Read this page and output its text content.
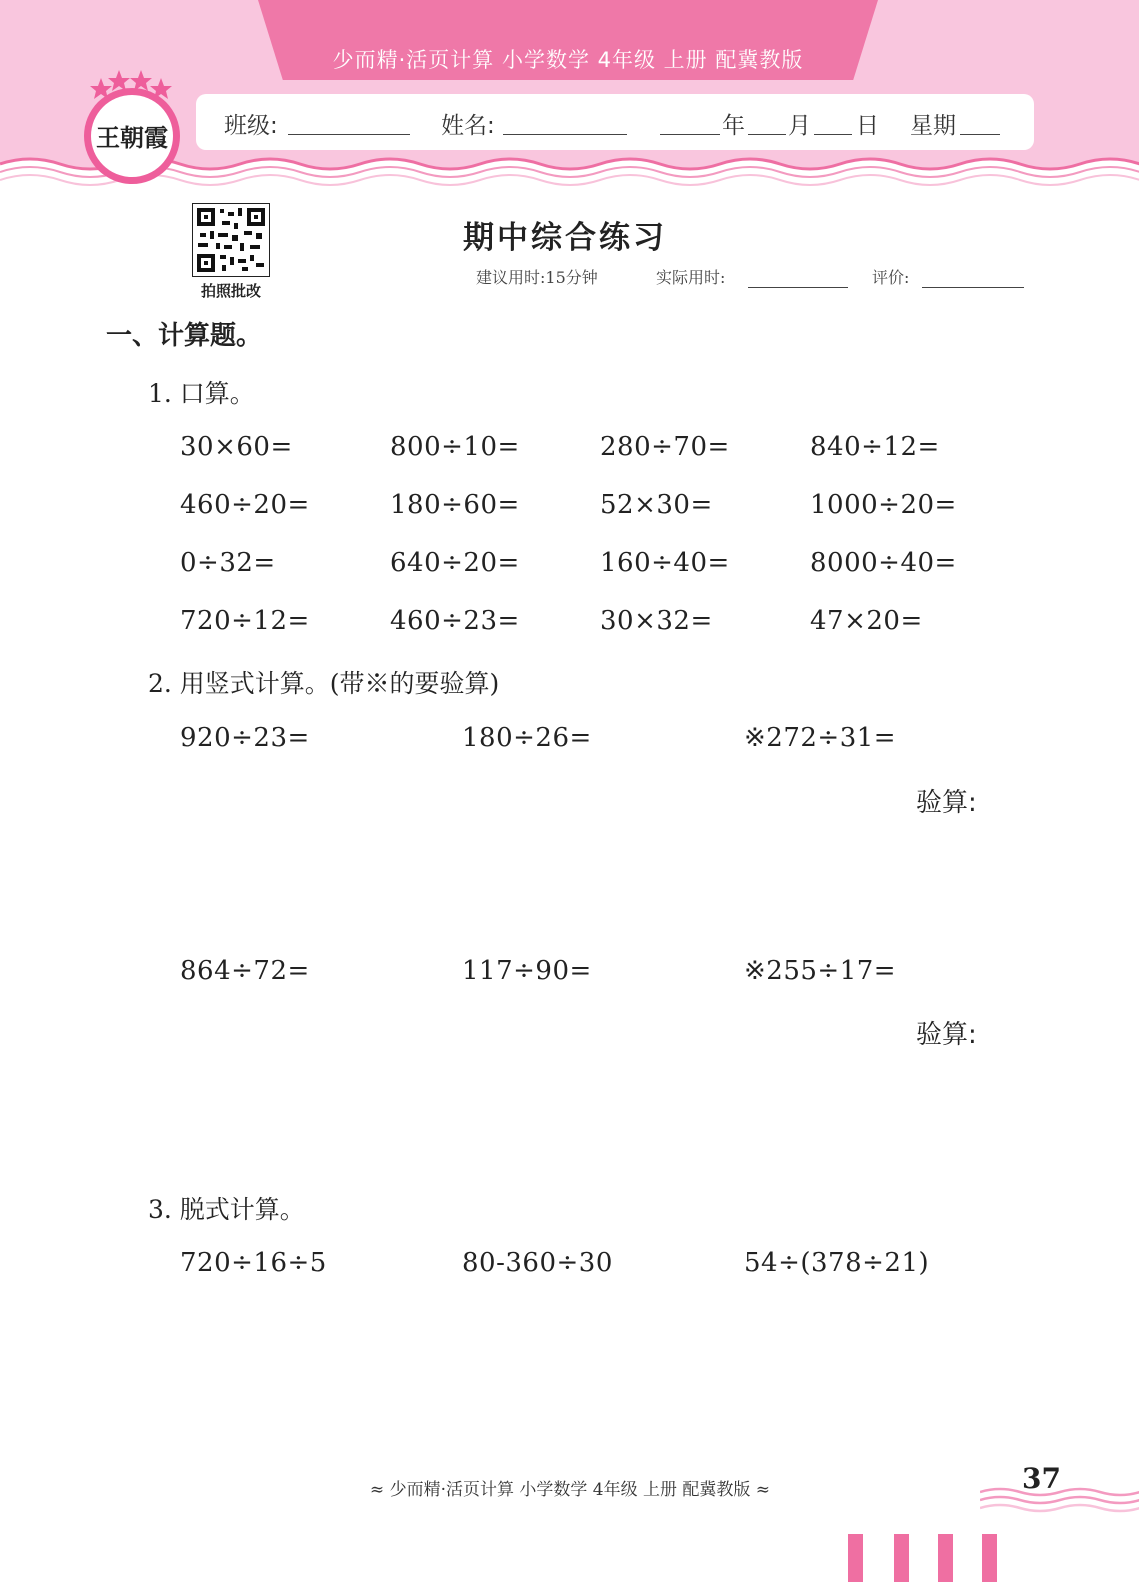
少而精·活页计算 小学数学 4年级 上册 配冀教版
班级:	姓名:	年 月 日 星期
王朝霞
拍照批改
期中综合练习
建议用时:15分钟	实际用时:	评价:
一、计算题。
1. 口算。
30×60=	800÷10=	280÷70=	840÷12=
460÷20=	180÷60=	52×30=	1000÷20=
0÷32=	640÷20=	160÷40=	8000÷40=
720÷12=	460÷23=	30×32=	47×20=
2. 用竖式计算。(带※的要验算)
920÷23=	180÷26=	※272÷31=
验算:
864÷72=	117÷90=	※255÷17=
验算:
3. 脱式计算。
720÷16÷5	80-360÷30	54÷(378÷21)
≈ 少而精·活页计算 小学数学 4年级 上册 配冀教版 ≈	37
